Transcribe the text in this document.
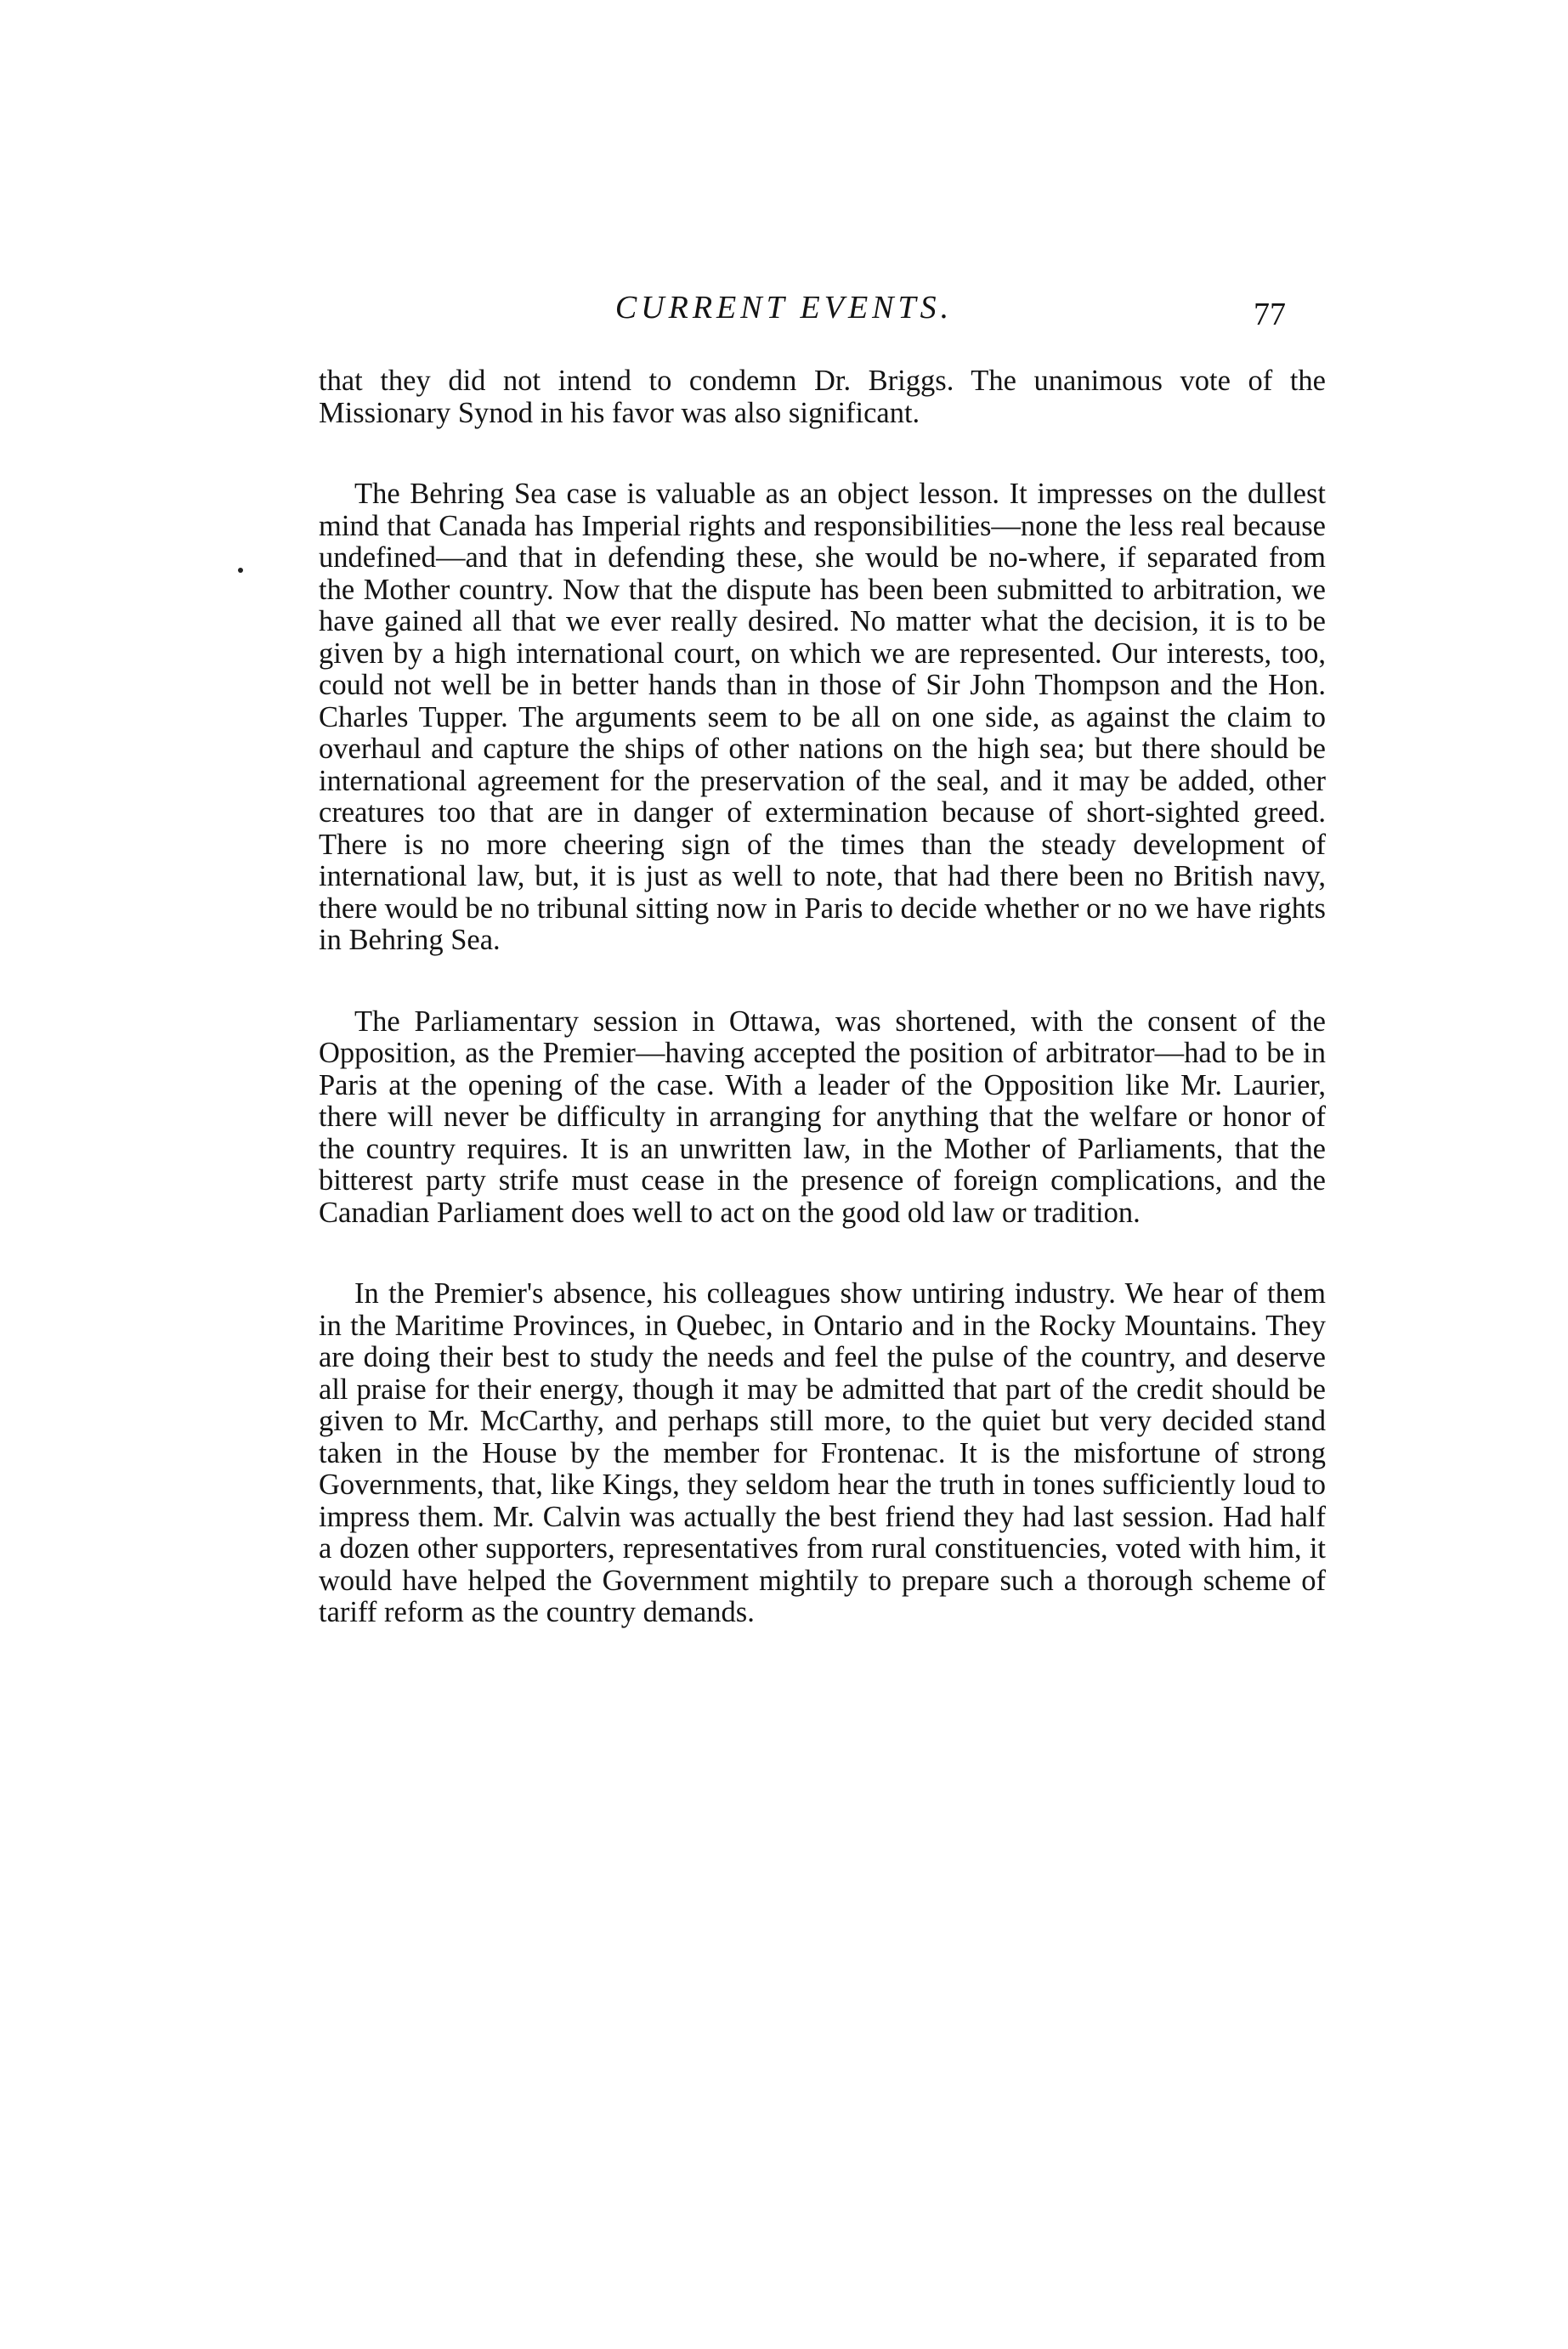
CURRENT EVENTS.	77

that they did not intend to condemn Dr. Briggs. The unanimous vote of the Missionary Synod in his favor was also significant.

The Behring Sea case is valuable as an object lesson. It impresses on the dullest mind that Canada has Imperial rights and responsibilities—none the less real because undefined—and that in defending these, she would be no-where, if separated from the Mother country. Now that the dispute has been been submitted to arbitration, we have gained all that we ever really desired. No matter what the decision, it is to be given by a high international court, on which we are represented. Our interests, too, could not well be in better hands than in those of Sir John Thompson and the Hon. Charles Tupper. The arguments seem to be all on one side, as against the claim to overhaul and capture the ships of other nations on the high sea; but there should be international agreement for the preservation of the seal, and it may be added, other creatures too that are in danger of extermination because of short-sighted greed. There is no more cheering sign of the times than the steady development of international law, but, it is just as well to note, that had there been no British navy, there would be no tribunal sitting now in Paris to decide whether or no we have rights in Behring Sea.

The Parliamentary session in Ottawa, was shortened, with the consent of the Opposition, as the Premier—having accepted the position of arbitrator—had to be in Paris at the opening of the case. With a leader of the Opposition like Mr. Laurier, there will never be difficulty in arranging for anything that the welfare or honor of the country requires. It is an unwritten law, in the Mother of Parliaments, that the bitterest party strife must cease in the presence of foreign complications, and the Canadian Parliament does well to act on the good old law or tradition.

In the Premier's absence, his colleagues show untiring industry. We hear of them in the Maritime Provinces, in Quebec, in Ontario and in the Rocky Mountains. They are doing their best to study the needs and feel the pulse of the country, and deserve all praise for their energy, though it may be admitted that part of the credit should be given to Mr. McCarthy, and perhaps still more, to the quiet but very decided stand taken in the House by the member for Frontenac. It is the misfortune of strong Governments, that, like Kings, they seldom hear the truth in tones sufficiently loud to impress them. Mr. Calvin was actually the best friend they had last session. Had half a dozen other supporters, representatives from rural constituencies, voted with him, it would have helped the Government mightily to prepare such a thorough scheme of tariff reform as the country demands.
